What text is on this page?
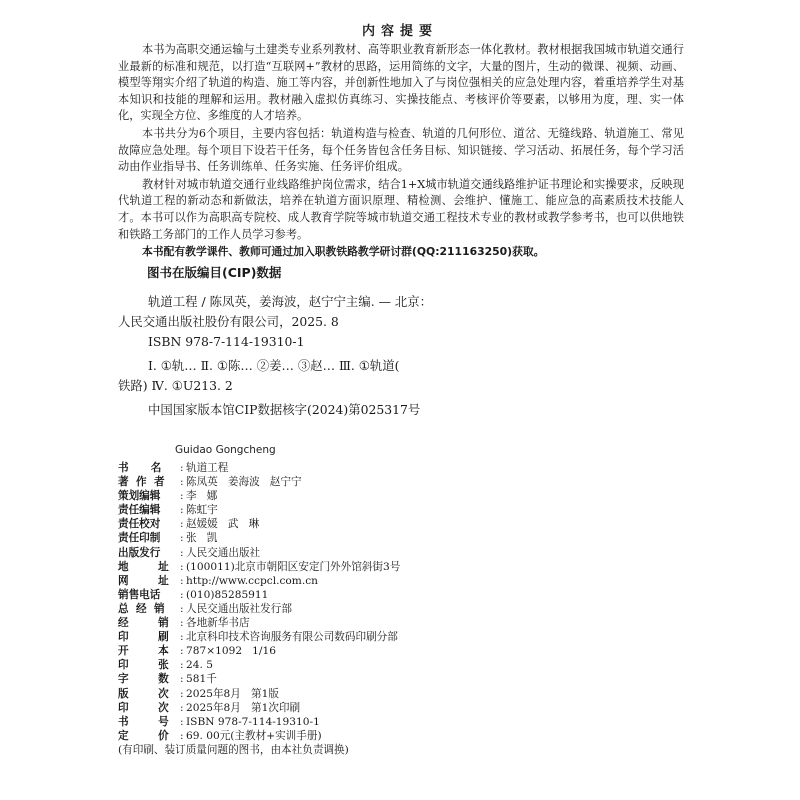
内容提要

本书为高职交通运输与土建类专业系列教材、高等职业教育新形态一体化教材。教材根据我国城市轨道交通行业最新的标准和规范，以打造“互联网+”教材的思路，运用简练的文字，大量的图片，生动的微课、视频、动画、模型等翔实介绍了轨道的构造、施工等内容，并创新性地加入了与岗位强相关的应急处理内容，着重培养学生对基本知识和技能的理解和运用。教材融入虚拟仿真练习、实操技能点、考核评价等要素，以够用为度，理、实一体化，实现全方位、多维度的人才培养。

本书共分为6个项目，主要内容包括：轨道构造与检查、轨道的几何形位、道岔、无缝线路、轨道施工、常见故障应急处理。每个项目下设若干任务，每个任务皆包含任务目标、知识链接、学习活动、拓展任务，每个学习活动由作业指导书、任务训练单、任务实施、任务评价组成。

教材针对城市轨道交通行业线路维护岗位需求，结合1+X城市轨道交通线路维护证书理论和实操要求，反映现代轨道工程的新动态和新做法，培养在轨道方面识原理、精检测、会维护、懂施工、能应急的高素质技术技能人才。本书可以作为高职高专院校、成人教育学院等城市轨道交通工程技术专业的教材或教学参考书，也可以供地铁和铁路工务部门的工作人员学习参考。

本书配有教学课件、教师可通过加入职教铁路教学研讨群(QQ:211163250)获取。

图书在版编目(CIP)数据
轨道工程 / 陈凤英，姜海波，赵宁宁主编. — 北京：
人民交通出版社股份有限公司，2025. 8
ISBN 978-7-114-19310-1
Ⅰ. ①轨… Ⅱ. ①陈… ②姜… ③赵… Ⅲ. ①轨道(
铁路) Ⅳ. ①U213. 2
中国国家版本馆CIP数据核字(2024)第025317号
Guidao Gongcheng
书      名	: 轨道工程
著  作  者	: 陈凤英   姜海波   赵宁宁
策划编辑	: 李   娜
责任编辑	: 陈虹宇
责任校对	: 赵媛媛   武   琳
责任印制	: 张   凯
出版发行	: 人民交通出版社
地        址	: (100011)北京市朝阳区安定门外外馆斜街3号
网        址	: http://www.ccpcl.com.cn
销售电话	: (010)85285911
总  经  销	: 人民交通出版社发行部
经        销	: 各地新华书店
印        刷	: 北京科印技术咨询服务有限公司数码印刷分部
开        本	: 787×1092   1/16
印        张	: 24. 5
字        数	: 581千
版        次	: 2025年8月   第1版
印        次	: 2025年8月   第1次印刷
书        号	: ISBN 978-7-114-19310-1
定        价	: 69. 00元(主教材+实训手册)
(有印刷、装订质量问题的图书，由本社负责调换)
